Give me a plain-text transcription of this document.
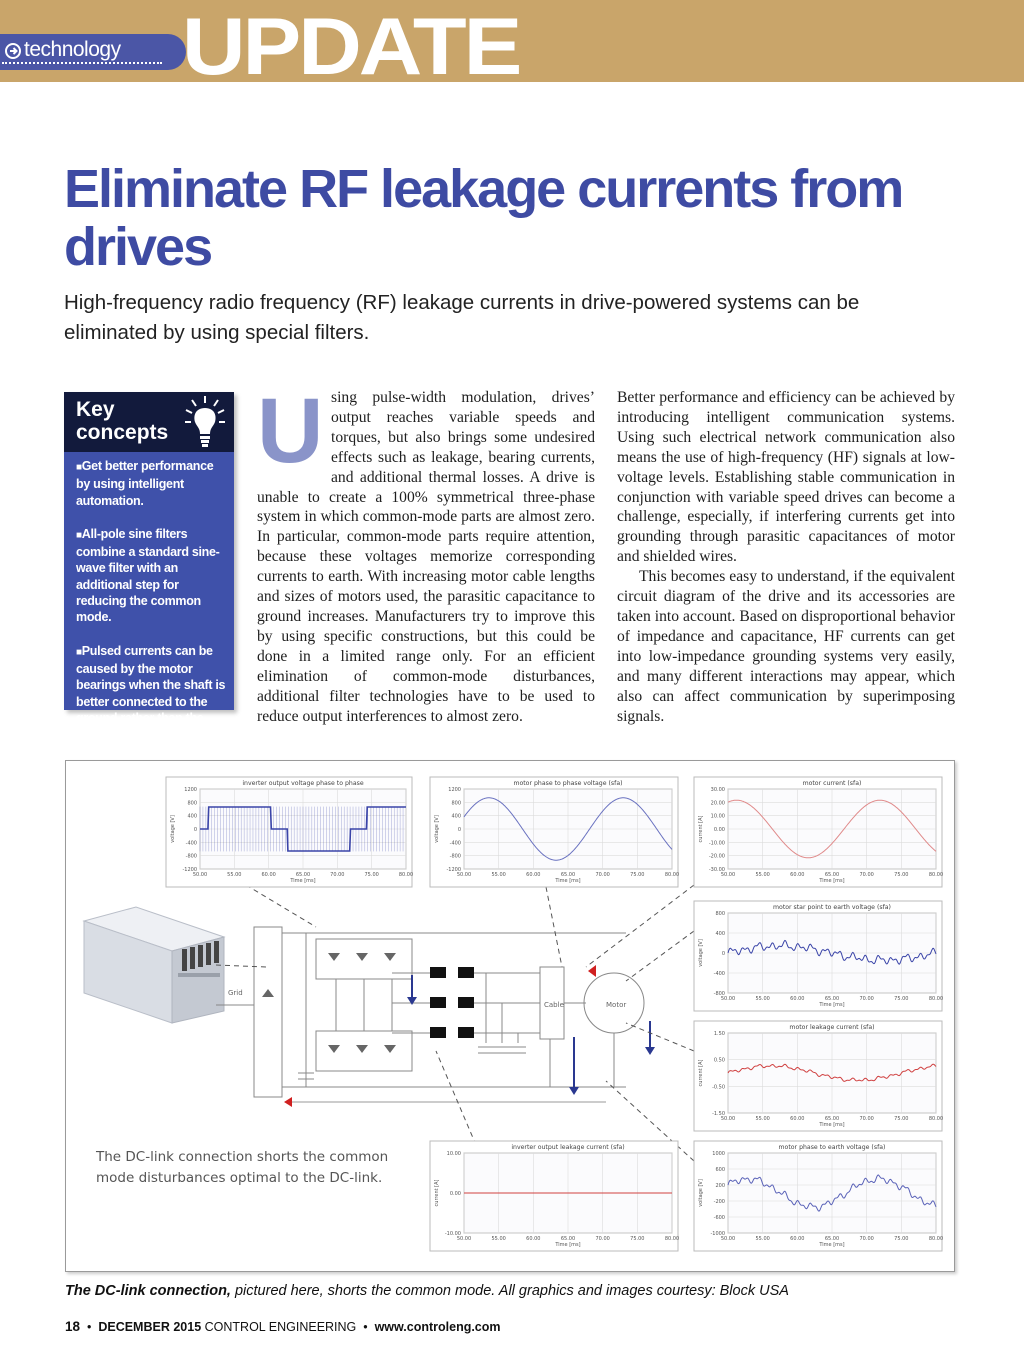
technology UPDATE
Eliminate RF leakage currents from drives

High-frequency radio frequency (RF) leakage currents in drive-powered systems can be eliminated by using special filters.

Key concepts
■ Get better performance by using intelligent automation.
■ All-pole sine filters combine a standard sine-wave filter with an additional step for reducing the common mode.
■ Pulsed currents can be caused by the motor bearings when the shaft is better connected to the ground rather than the motor housing.
U sing pulse-width modulation, drives’ output reaches variable speeds and torques, but also brings some undesired effects such as leakage, bearing currents, and additional thermal losses. A drive is unable to create a 100% symmetrical three-phase system in which common-mode parts are almost zero. In particular, common-mode parts require attention, because these voltages memorize corresponding currents to earth. With increasing motor cable lengths and sizes of motors used, the parasitic capacitance to ground increases. Manufacturers try to improve this by using specific constructions, but this could be done in a limited range only. For an efficient elimination of common-mode disturbances, additional filter technologies have to be used to reduce output interferences to almost zero.

Better performance and efficiency can be achieved by introducing intelligent communication systems. Using such electrical network communication also means the use of high-frequency (HF) signals at low-voltage levels. Establishing stable communication in conjunction with variable speed drives can become a challenge, especially, if interfering currents get into grounding through parasitic capacitances of motor and shielded wires.

This becomes easy to understand, if the equivalent circuit diagram of the drive and its accessories are taken into account. Based on disproportional behavior of impedance and capacitance, HF currents can get into low-impedance grounding systems very easily, and many different interactions may appear, which also can affect communication by superimposing signals.

Grid
Cable	Motor
50.00	55.00	60.00	65.00	70.00	75.00	80.00
1200
800
400
0
-400
-800
-1200
inverter output voltage phase to phase
Time [ms]
voltage [V]
50.00	55.00	60.00	65.00	70.00	75.00	80.00
1200
800
400
0
-400
-800
-1200
motor phase to phase voltage (sfa)
Time [ms]
voltage [V]
50.00	55.00	60.00	65.00	70.00	75.00	80.00
30.00
20.00
10.00
0.00
-10.00
-20.00
-30.00
motor current (sfa)
Time [ms]
current [A]
50.00	55.00	60.00	65.00	70.00	75.00	80.00
800
400
0
-400
-800
motor star point to earth voltage (sfa)
Time [ms]
voltage [V]
50.00	55.00	60.00	65.00	70.00	75.00	80.00
1.50
0.50
-0.50
-1.50
motor leakage current (sfa)
Time [ms]
current [A]
50.00	55.00	60.00	65.00	70.00	75.00	80.00
10.00
0.00
-10.00
inverter output leakage current (sfa)
Time [ms]
current [A]
50.00	55.00	60.00	65.00	70.00	75.00	80.00
1000
600
200
-200
-600
-1000
motor phase to earth voltage (sfa)
Time [ms]
voltage [V]
The DC-link connection shorts the common mode disturbances optimal to the DC-link.

The DC-link connection, pictured here, shorts the common mode. All graphics and images courtesy: Block USA

18 • DECEMBER 2015 CONTROL ENGINEERING • www.controleng.com
